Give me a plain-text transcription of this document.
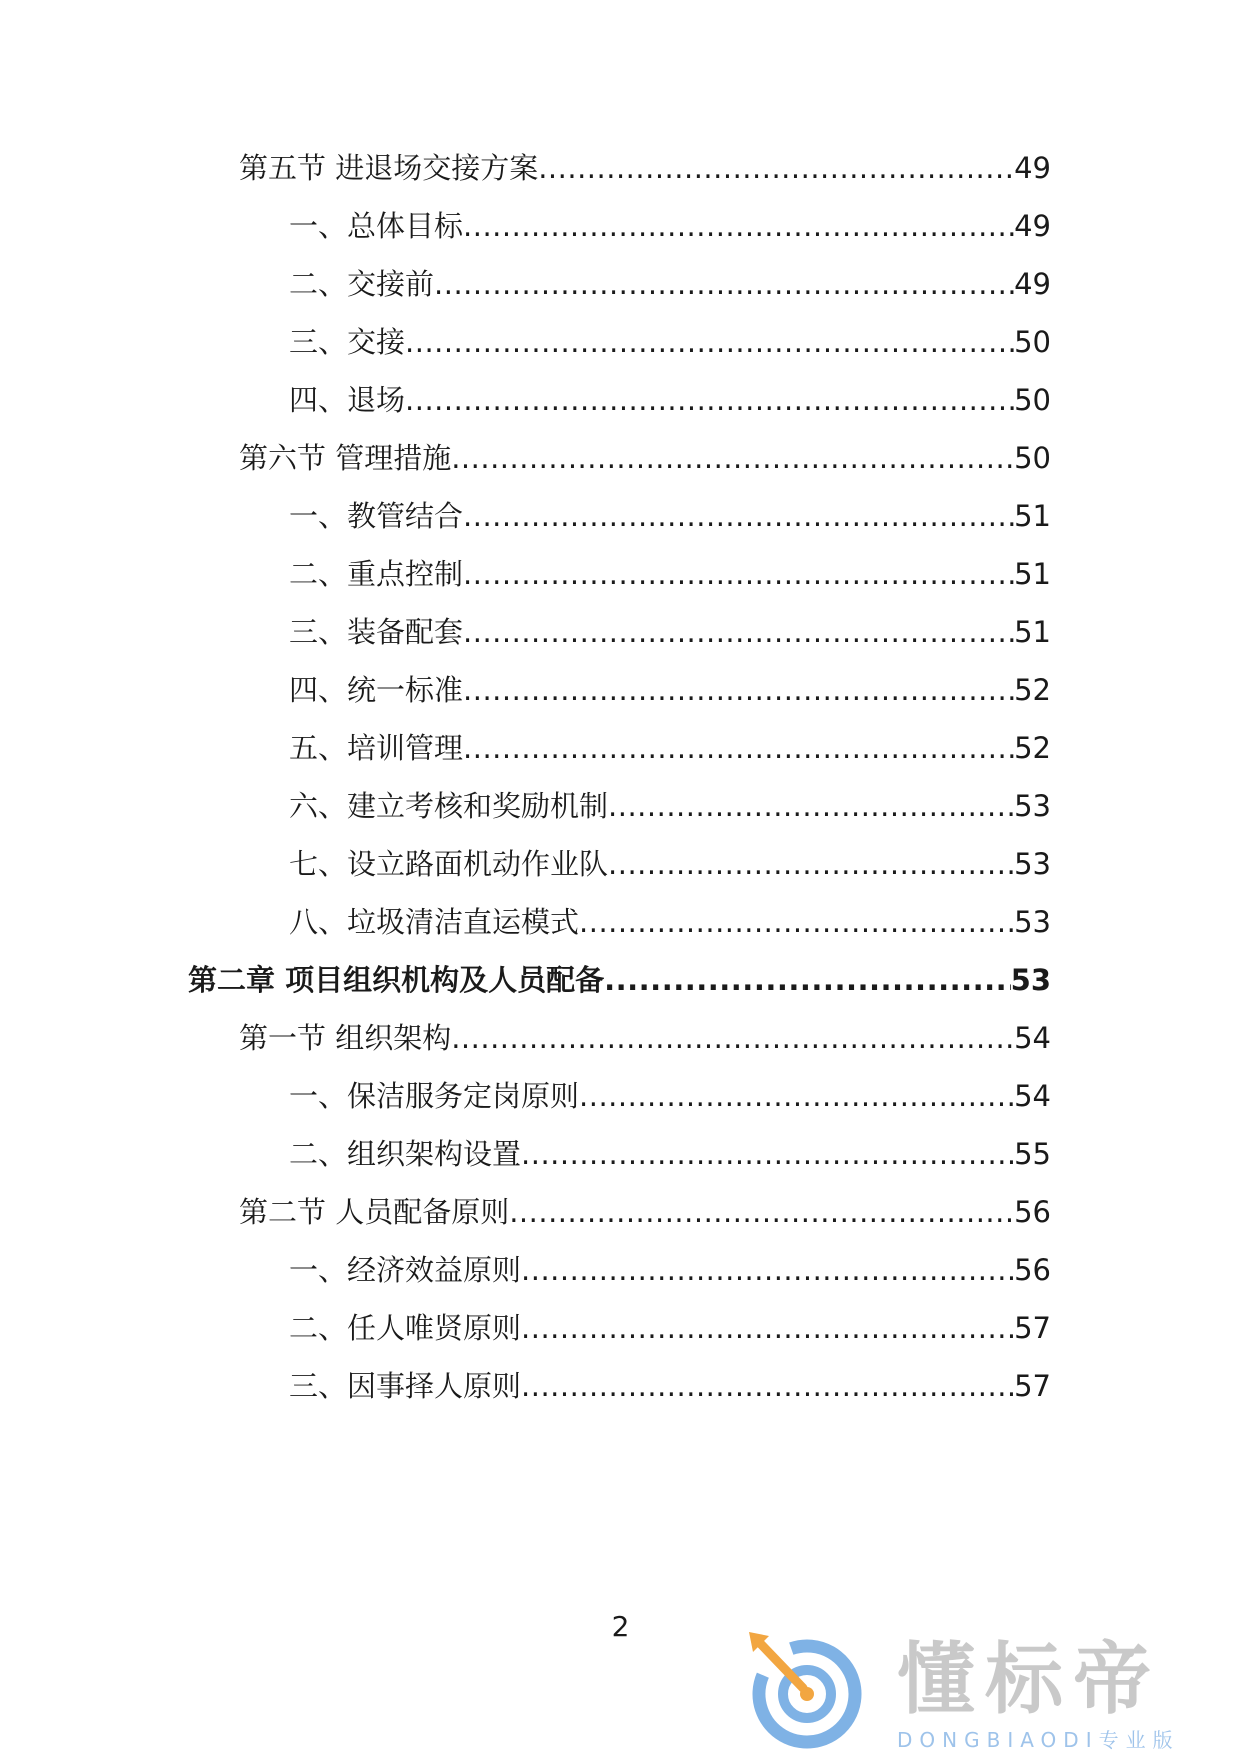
第五节 进退场交接方案 .....	49
一、总体目标 .....	49
二、交接前 .....	49
三、交接 .....	50
四、退场 .....	50
第六节 管理措施 .....	50
一、教管结合 .....	51
二、重点控制 .....	51
三、装备配套 .....	51
四、统一标准 .....	52
五、培训管理 .....	52
六、建立考核和奖励机制 .....	53
七、设立路面机动作业队 .....	53
八、垃圾清洁直运模式 .....	53
第二章 项目组织机构及人员配备 .....	53
第一节 组织架构 .....	54
一、保洁服务定岗原则 .....	54
二、组织架构设置 .....	55
第二节 人员配备原则 .....	56
一、经济效益原则 .....	56
二、任人唯贤原则 .....	57
三、因事择人原则 .....	57
2
懂标帝
DONGBIAODI专业版
